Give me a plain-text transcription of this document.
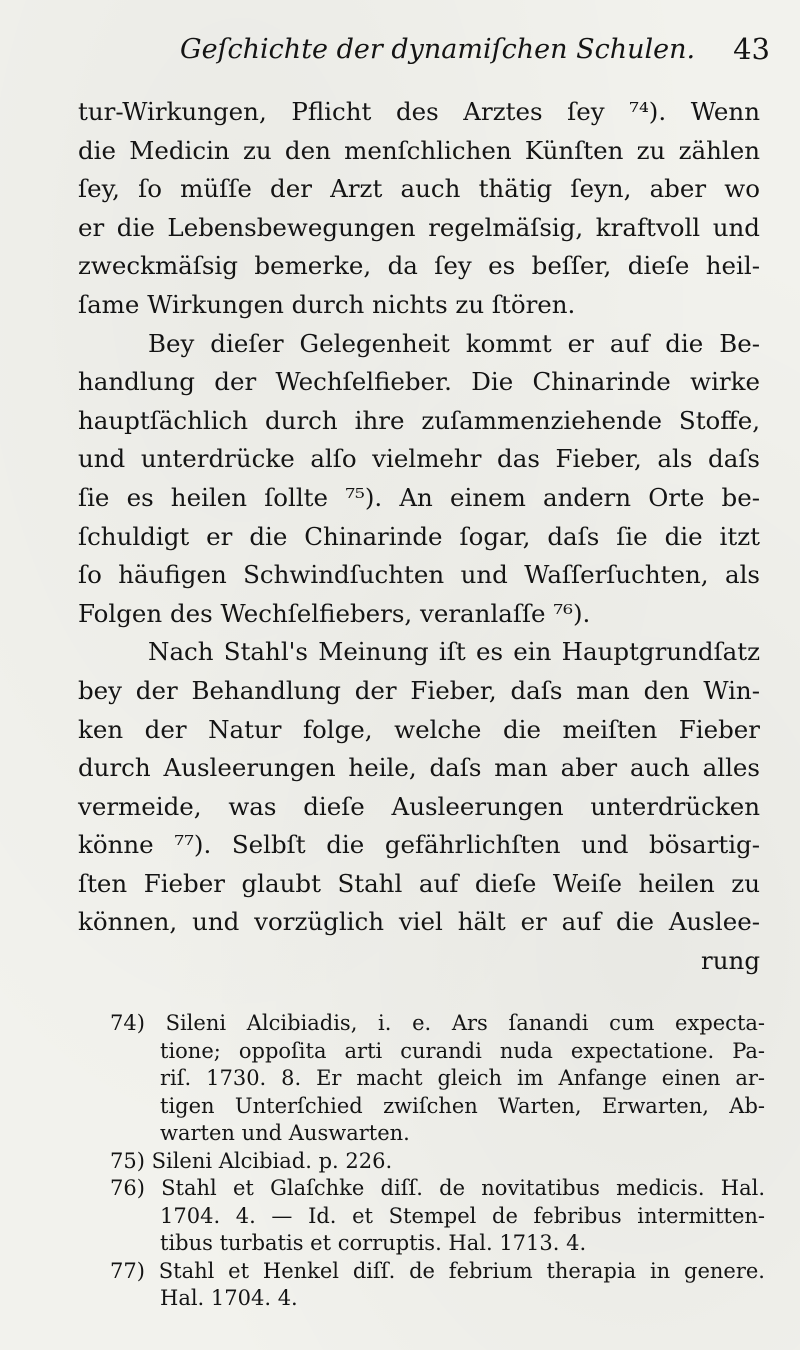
Geſchichte der dynamiſchen Schulen. 43
tur-Wirkungen, Pflicht des Arztes ſey ⁷⁴). Wenn
die Medicin zu den menſchlichen Künſten zu zählen
ſey, ſo müſſe der Arzt auch thätig ſeyn, aber wo
er die Lebensbewegungen regelmäſsig, kraftvoll und
zweckmäſsig bemerke, da ſey es beſſer, dieſe heil-
ſame Wirkungen durch nichts zu ſtören.
Bey dieſer Gelegenheit kommt er auf die Be-
handlung der Wechſelfieber. Die Chinarinde wirke
hauptſächlich durch ihre zuſammenziehende Stoffe,
und unterdrücke alſo vielmehr das Fieber, als daſs
ſie es heilen ſollte ⁷⁵). An einem andern Orte be-
ſchuldigt er die Chinarinde ſogar, daſs ſie die itzt
ſo häufigen Schwindſuchten und Waſſerſuchten, als
Folgen des Wechſelfiebers, veranlaſſe ⁷⁶).
Nach Stahl's Meinung iſt es ein Hauptgrundſatz
bey der Behandlung der Fieber, daſs man den Win-
ken der Natur folge, welche die meiſten Fieber
durch Ausleerungen heile, daſs man aber auch alles
vermeide, was dieſe Ausleerungen unterdrücken
könne ⁷⁷). Selbſt die gefährlichſten und bösartig-
ſten Fieber glaubt Stahl auf dieſe Weiſe heilen zu
können, und vorzüglich viel hält er auf die Auslee-
rung
74) Sileni Alcibiadis, i. e. Ars ſanandi cum expecta-
tione; oppoſita arti curandi nuda expectatione. Pa-
riſ. 1730. 8. Er macht gleich im Anfange einen ar-
tigen Unterſchied zwiſchen Warten, Erwarten, Ab-
warten und Auswarten.
75) Sileni Alcibiad. p. 226.
76) Stahl et Glaſchke diſſ. de novitatibus medicis. Hal.
1704. 4. — Id. et Stempel de febribus intermitten-
tibus turbatis et corruptis. Hal. 1713. 4.
77) Stahl et Henkel diſſ. de febrium therapia in genere.
Hal. 1704. 4.
